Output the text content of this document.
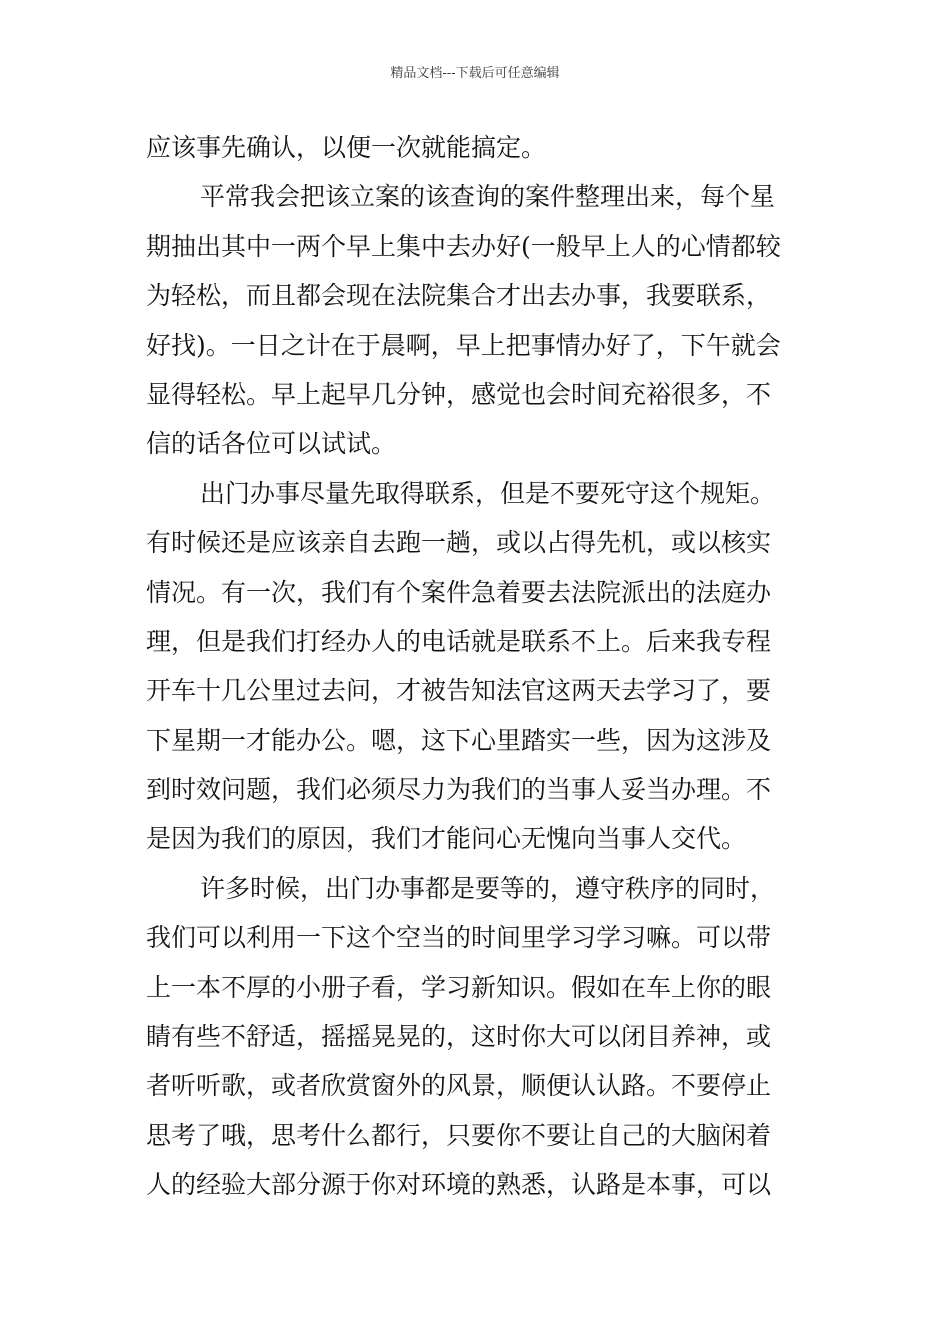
精品文档---下载后可任意编辑
应该事先确认，以便一次就能搞定。
平常我会把该立案的该查询的案件整理出来，每个星
期抽出其中一两个早上集中去办好(一般早上人的心情都较
为轻松，而且都会现在法院集合才出去办事，我要联系，
好找)。一日之计在于晨啊，早上把事情办好了，下午就会
显得轻松。早上起早几分钟，感觉也会时间充裕很多，不
信的话各位可以试试。
出门办事尽量先取得联系，但是不要死守这个规矩。
有时候还是应该亲自去跑一趟，或以占得先机，或以核实
情况。有一次，我们有个案件急着要去法院派出的法庭办
理，但是我们打经办人的电话就是联系不上。后来我专程
开车十几公里过去问，才被告知法官这两天去学习了，要
下星期一才能办公。嗯，这下心里踏实一些，因为这涉及
到时效问题，我们必须尽力为我们的当事人妥当办理。不
是因为我们的原因，我们才能问心无愧向当事人交代。
许多时候，出门办事都是要等的，遵守秩序的同时，
我们可以利用一下这个空当的时间里学习学习嘛。可以带
上一本不厚的小册子看，学习新知识。假如在车上你的眼
睛有些不舒适，摇摇晃晃的，这时你大可以闭目养神，或
者听听歌，或者欣赏窗外的风景，顺便认认路。不要停止
思考了哦，思考什么都行，只要你不要让自己的大脑闲着
人的经验大部分源于你对环境的熟悉，认路是本事，可以
